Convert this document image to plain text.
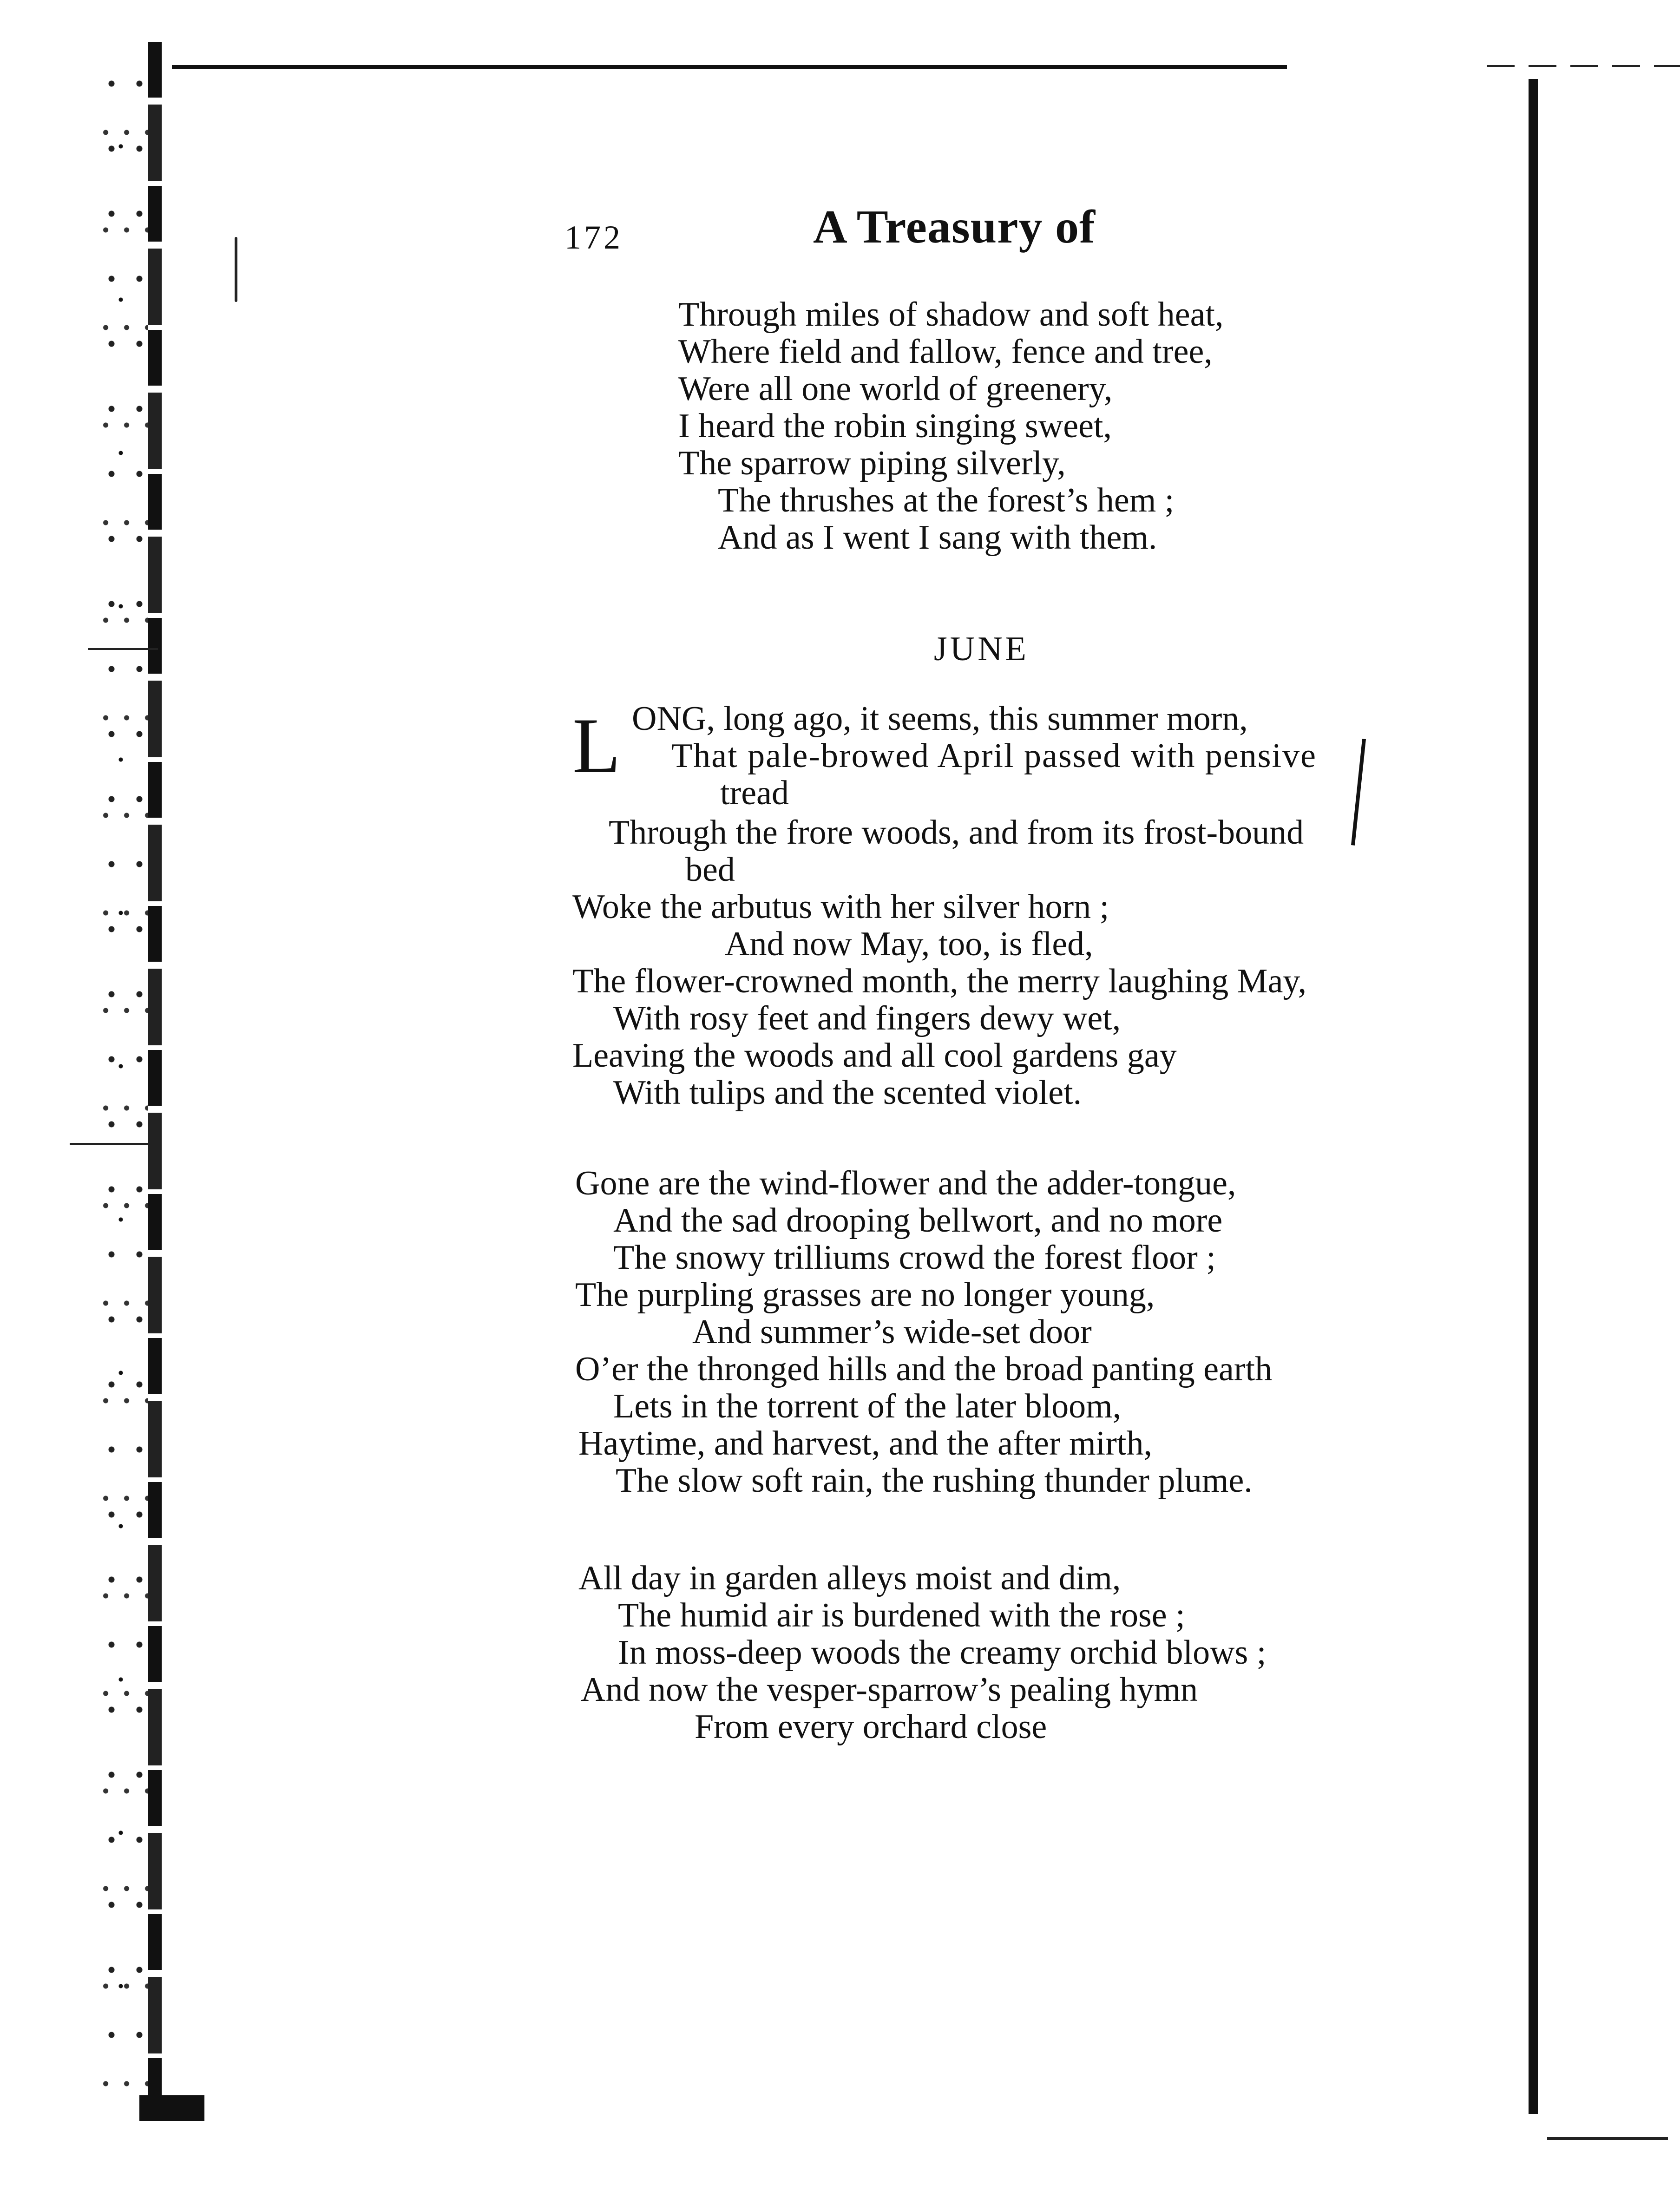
172	A Treasury of
Through miles of shadow and soft heat,
Where field and fallow, fence and tree,
Were all one world of greenery,
I heard the robin singing sweet,
The sparrow piping silverly,
The thrushes at the forest’s hem ;
And as I went I sang with them.
JUNE
L ONG, long ago, it seems, this summer morn,
That pale-browed April passed with pensive
tread
Through the frore woods, and from its frost-bound
bed
Woke the arbutus with her silver horn ;
And now May, too, is fled,
The flower-crowned month, the merry laughing May,
With rosy feet and fingers dewy wet,
Leaving the woods and all cool gardens gay
With tulips and the scented violet.
Gone are the wind-flower and the adder-tongue,
And the sad drooping bellwort, and no more
The snowy trilliums crowd the forest floor ;
The purpling grasses are no longer young,
And summer’s wide-set door
O’er the thronged hills and the broad panting earth
Lets in the torrent of the later bloom,
Haytime, and harvest, and the after mirth,
The slow soft rain, the rushing thunder plume.
All day in garden alleys moist and dim,
The humid air is burdened with the rose ;
In moss-deep woods the creamy orchid blows ;
And now the vesper-sparrow’s pealing hymn
From every orchard close
